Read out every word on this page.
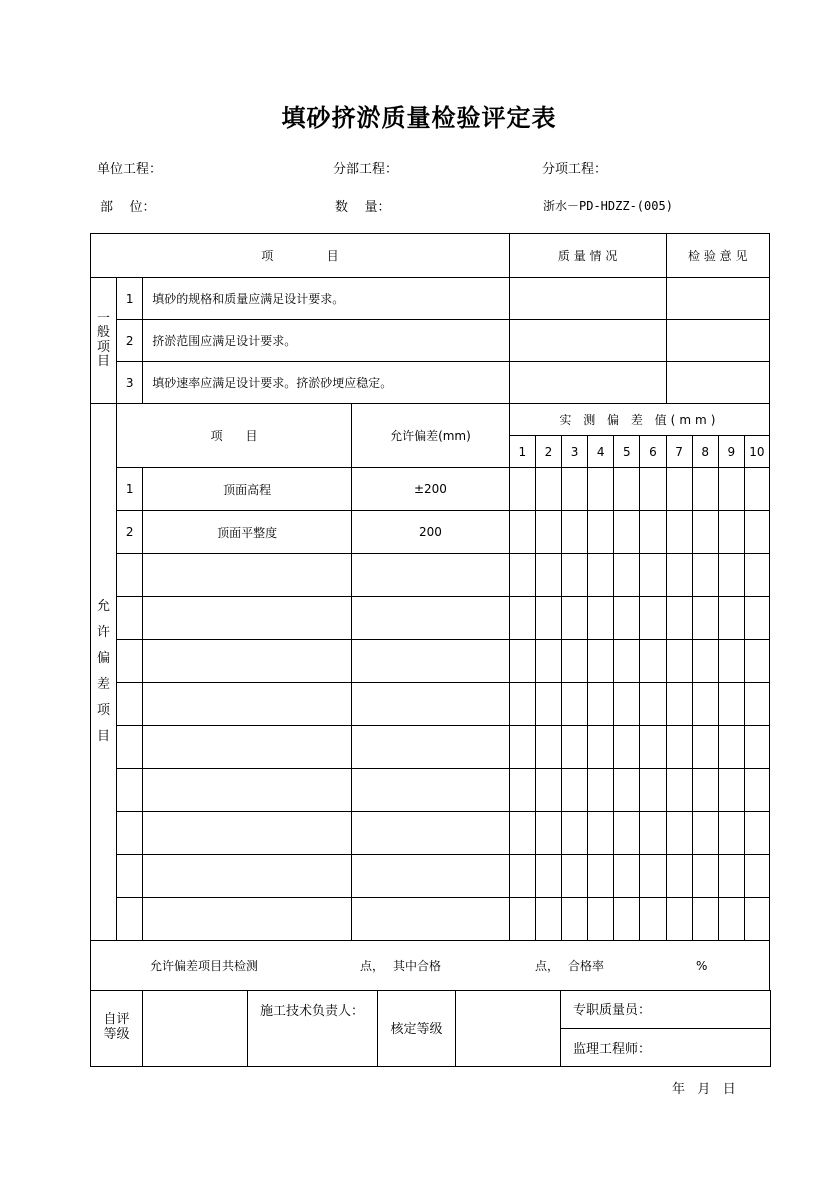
填砂挤淤质量检验评定表
单位工程：	分部工程：	分项工程：
部    位：	数    量：	浙水－PD-HDZZ-(005)
项              目				质 量 情 况						检 验 意 见			

一般项目	1	填砂的规格和质量应满足设计要求。											
	2	挤淤范围应满足设计要求。											
	3	填砂速率应满足设计要求。挤淤砂埂应稳定。											

允许偏差项目	项      目		允许偏差(mm)	实 测 偏 差 值(mm)									
				1	2	3	4	5	6	7	8	9	10
	1	顶面高程	±200										
	2	顶面平整度	200										

允许偏差项目共检测 点， 其中合格 点， 合格率 %													
自评等级
		施工技术负责人：	核定等级		专职质量员：
监理工程师：
年   月   日
